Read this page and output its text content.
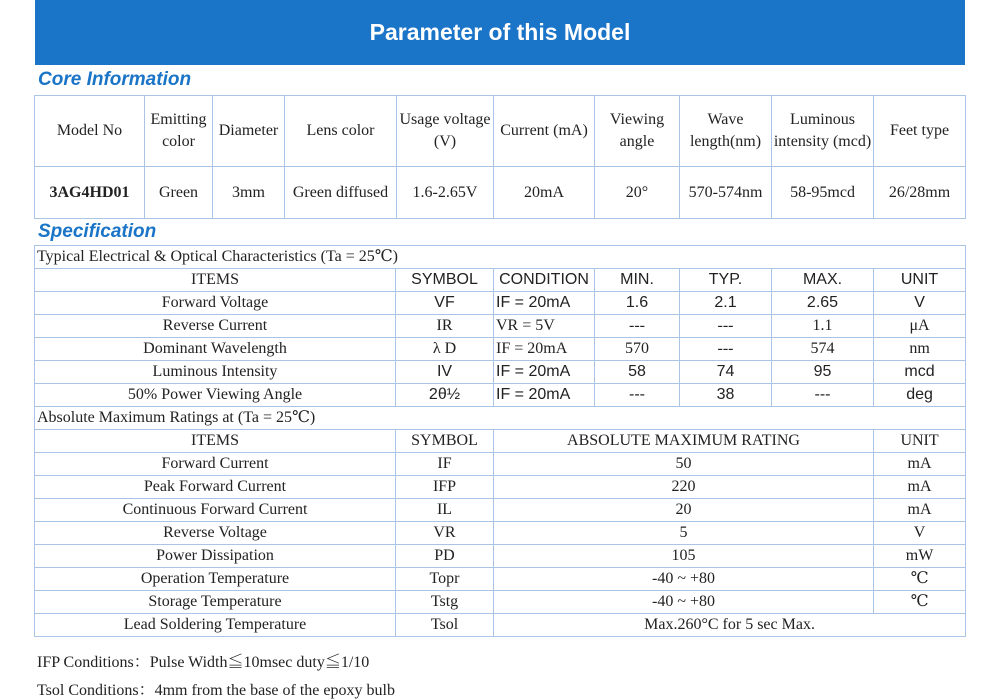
Parameter of this Model
Core Information
Model No	Emitting color	Diameter	Lens color	Usage voltage (V)	Current (mA)	Viewing angle	Wave length(nm)	Luminous intensity (mcd)	Feet type
3AG4HD01	Green	3mm	Green diffused	1.6-2.65V	20mA	20°	570-574nm	58-95mcd	26/28mm
Specification
Typical Electrical & Optical Characteristics (Ta = 25℃)						
ITEMS	SYMBOL	CONDITION	MIN.	TYP.	MAX.	UNIT
Forward Voltage	VF	IF = 20mA	1.6	2.1	2.65	V
Reverse Current	IR	VR = 5V	---	---	1.1	μA
Dominant Wavelength	λ D	IF = 20mA	570	---	574	nm
Luminous Intensity	IV	IF = 20mA	58	74	95	mcd
50% Power Viewing Angle	2θ½	IF = 20mA	---	38	---	deg
Absolute Maximum Ratings at (Ta = 25℃)						
ITEMS	SYMBOL	ABSOLUTE MAXIMUM RATING				UNIT
Forward Current	IF	50				mA
Peak Forward Current	IFP	220				mA
Continuous Forward Current	IL	20				mA
Reverse Voltage	VR	5				V
Power Dissipation	PD	105				mW
Operation Temperature	Topr	-40 ~ +80				℃
Storage Temperature	Tstg	-40 ~ +80				℃
Lead Soldering Temperature	Tsol	Max.260°C for 5 sec Max.				
IFP Conditions：Pulse Width≦10msec duty≦1/10
Tsol Conditions：4mm from the base of the epoxy bulb
